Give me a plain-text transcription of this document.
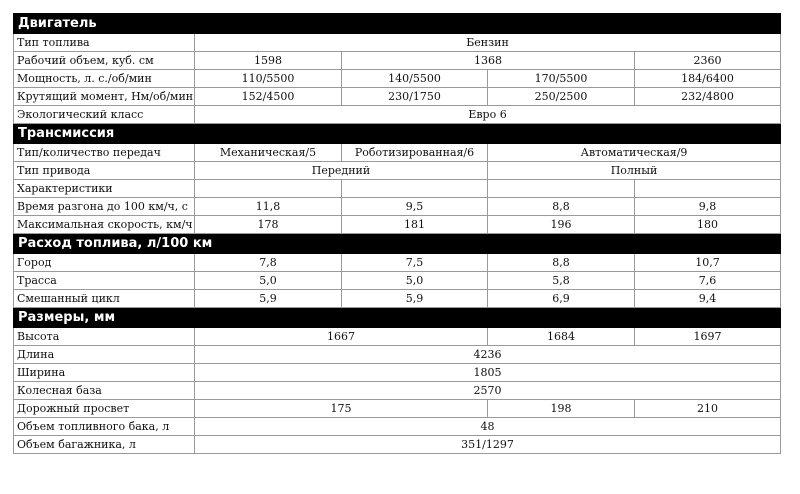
Двигатель				
Тип топлива	Бензин			
Рабочий объем, куб. см	1598	1368		2360
Мощность, л. с./об/мин	110/5500	140/5500	170/5500	184/6400
Крутящий момент, Нм/об/мин	152/4500	230/1750	250/2500	232/4800
Экологический класс	Евро 6			
Трансмиссия				
Тип/количество передач	Механическая/5	Роботизированная/6	Автоматическая/9	
Тип привода	Передний		Полный	
Характеристики				
Время разгона до 100 км/ч, с	11,8	9,5	8,8	9,8
Максимальная скорость, км/ч	178	181	196	180
Расход топлива, л/100 км				
Город	7,8	7,5	8,8	10,7
Трасса	5,0	5,0	5,8	7,6
Смешанный цикл	5,9	5,9	6,9	9,4
Размеры, мм				
Высота	1667		1684	1697
Длина	4236			
Ширина	1805			
Колесная база	2570			
Дорожный просвет	175		198	210
Объем топливного бака, л	48			
Объем багажника, л	351/1297			
